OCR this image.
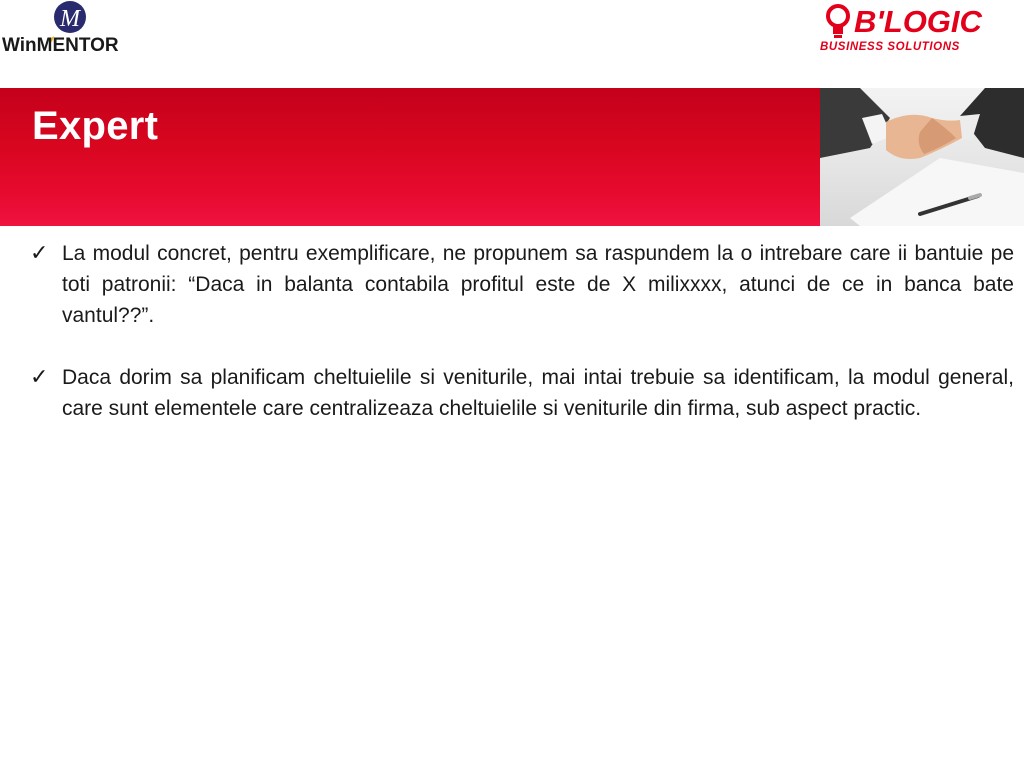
M
WinMENTOR
B'LOGIC
BUSINESS SOLUTIONS
Expert
✓ La modul concret, pentru exemplificare, ne propunem sa raspundem la o intrebare care ii bantuie pe toti patronii: “Daca in balanta contabila profitul este de X milixxxx, atunci de ce in banca bate vantul??”.
✓ Daca dorim sa planificam cheltuielile si veniturile, mai intai trebuie sa identificam, la modul general, care sunt elementele care centralizeaza cheltuielile si veniturile din firma, sub aspect practic.
